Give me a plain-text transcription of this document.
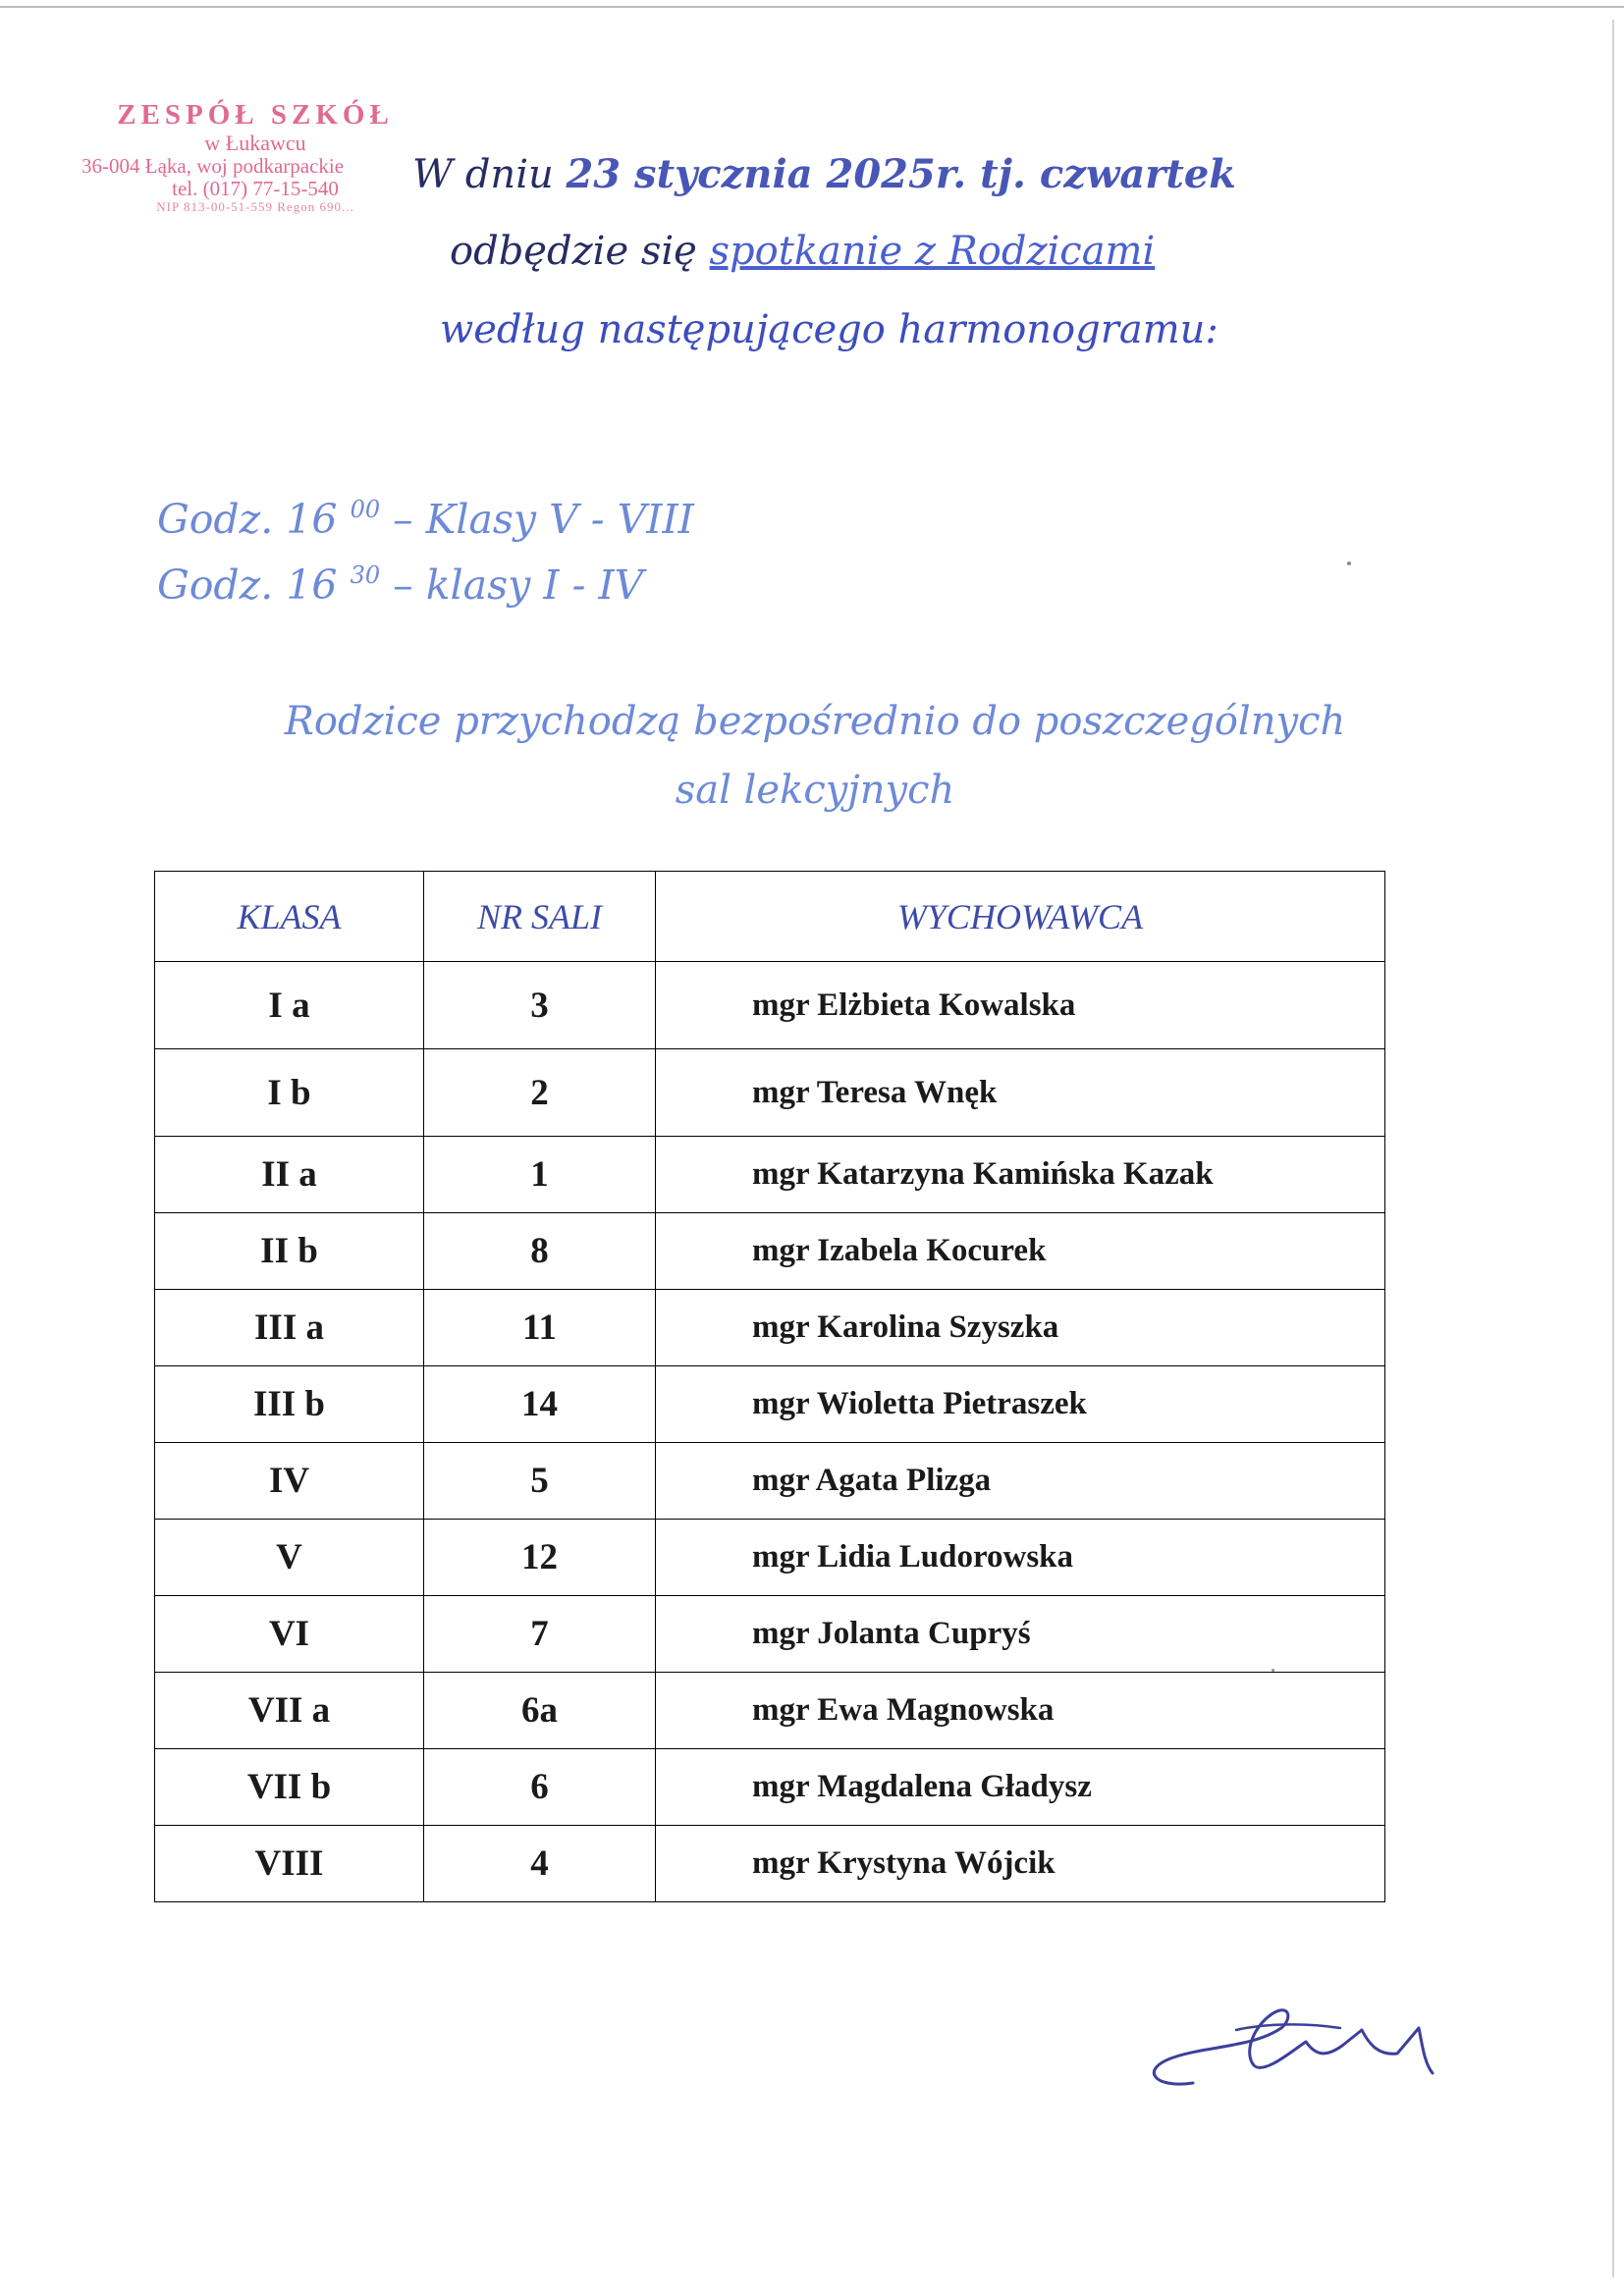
ZESPÓŁ SZKÓŁ
w Łukawcu
36-004 Łąka, woj podkarpackie
tel. (017) 77-15-540
NIP 813-00-51-559 Regon 690...
W dniu 23 stycznia 2025r. tj. czwartek
odbędzie się spotkanie z Rodzicami
według następującego harmonogramu:
Godz. 16 $^{00}$ – Klasy V - VIII
Godz. 16 $^{30}$ – klasy I - IV
Rodzice przychodzą bezpośrednio do poszczególnych
sal lekcyjnych
KLASA	NR SALI	WYCHOWAWCA
I a	3	mgr Elżbieta Kowalska
I b	2	mgr Teresa Wnęk
II a	1	mgr Katarzyna Kamińska Kazak
II b	8	mgr Izabela Kocurek
III a	11	mgr Karolina Szyszka
III b	14	mgr Wioletta Pietraszek
IV	5	mgr Agata Plizga
V	12	mgr Lidia Ludorowska
VI	7	mgr Jolanta Cupryś
VII a	6a	mgr Ewa Magnowska
VII b	6	mgr Magdalena Gładysz
VIII	4	mgr Krystyna Wójcik
